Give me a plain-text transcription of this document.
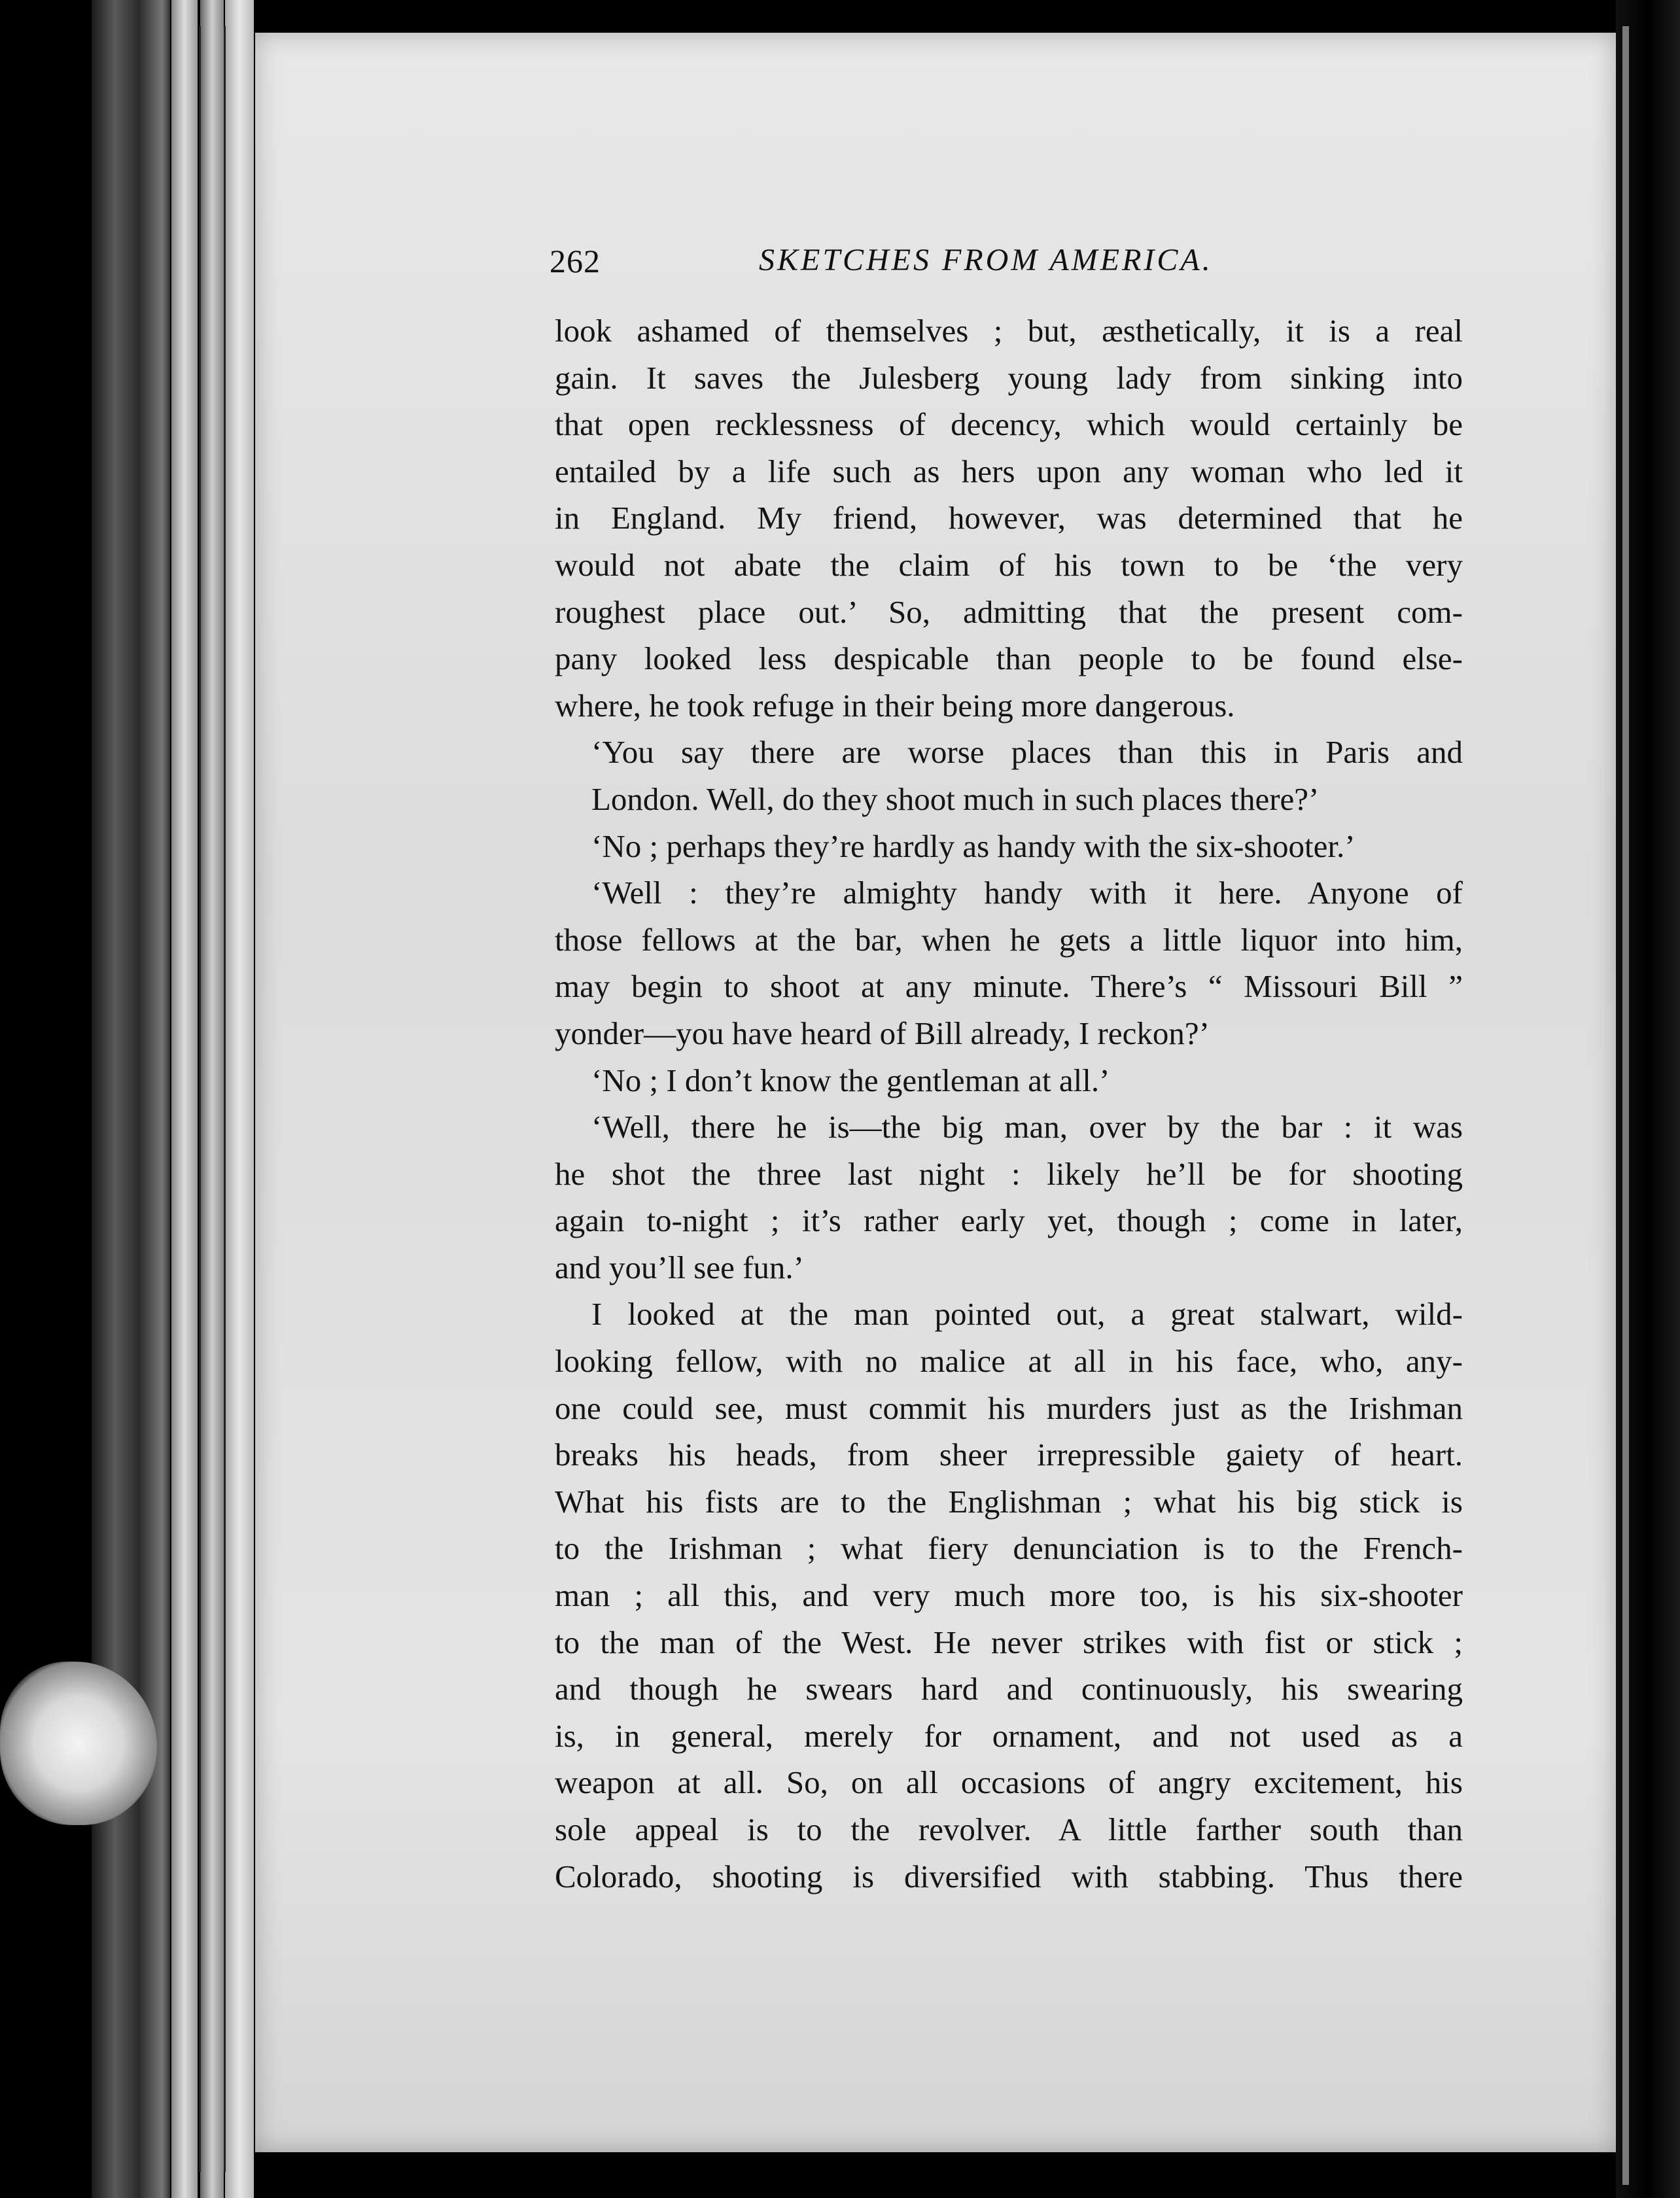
262	SKETCHES FROM AMERICA.
look ashamed of themselves ; but, æsthetically, it is a real
gain. It saves the Julesberg young lady from sinking into
that open recklessness of decency, which would certainly be
entailed by a life such as hers upon any woman who led it
in England. My friend, however, was determined that he
would not abate the claim of his town to be ‘the very
roughest place out.’ So, admitting that the present com-
pany looked less despicable than people to be found else-
where, he took refuge in their being more dangerous.
‘You say there are worse places than this in Paris and
London. Well, do they shoot much in such places there?’
‘No ; perhaps they’re hardly as handy with the six-shooter.’
‘Well : they’re almighty handy with it here. Anyone of
those fellows at the bar, when he gets a little liquor into him,
may begin to shoot at any minute. There’s “ Missouri Bill ”
yonder—you have heard of Bill already, I reckon?’
‘No ; I don’t know the gentleman at all.’
‘Well, there he is—the big man, over by the bar : it was
he shot the three last night : likely he’ll be for shooting
again to-night ; it’s rather early yet, though ; come in later,
and you’ll see fun.’
I looked at the man pointed out, a great stalwart, wild-
looking fellow, with no malice at all in his face, who, any-
one could see, must commit his murders just as the Irishman
breaks his heads, from sheer irrepressible gaiety of heart.
What his fists are to the Englishman ; what his big stick is
to the Irishman ; what fiery denunciation is to the French-
man ; all this, and very much more too, is his six-shooter
to the man of the West. He never strikes with fist or stick ;
and though he swears hard and continuously, his swearing
is, in general, merely for ornament, and not used as a
weapon at all. So, on all occasions of angry excitement, his
sole appeal is to the revolver. A little farther south than
Colorado, shooting is diversified with stabbing. Thus there
